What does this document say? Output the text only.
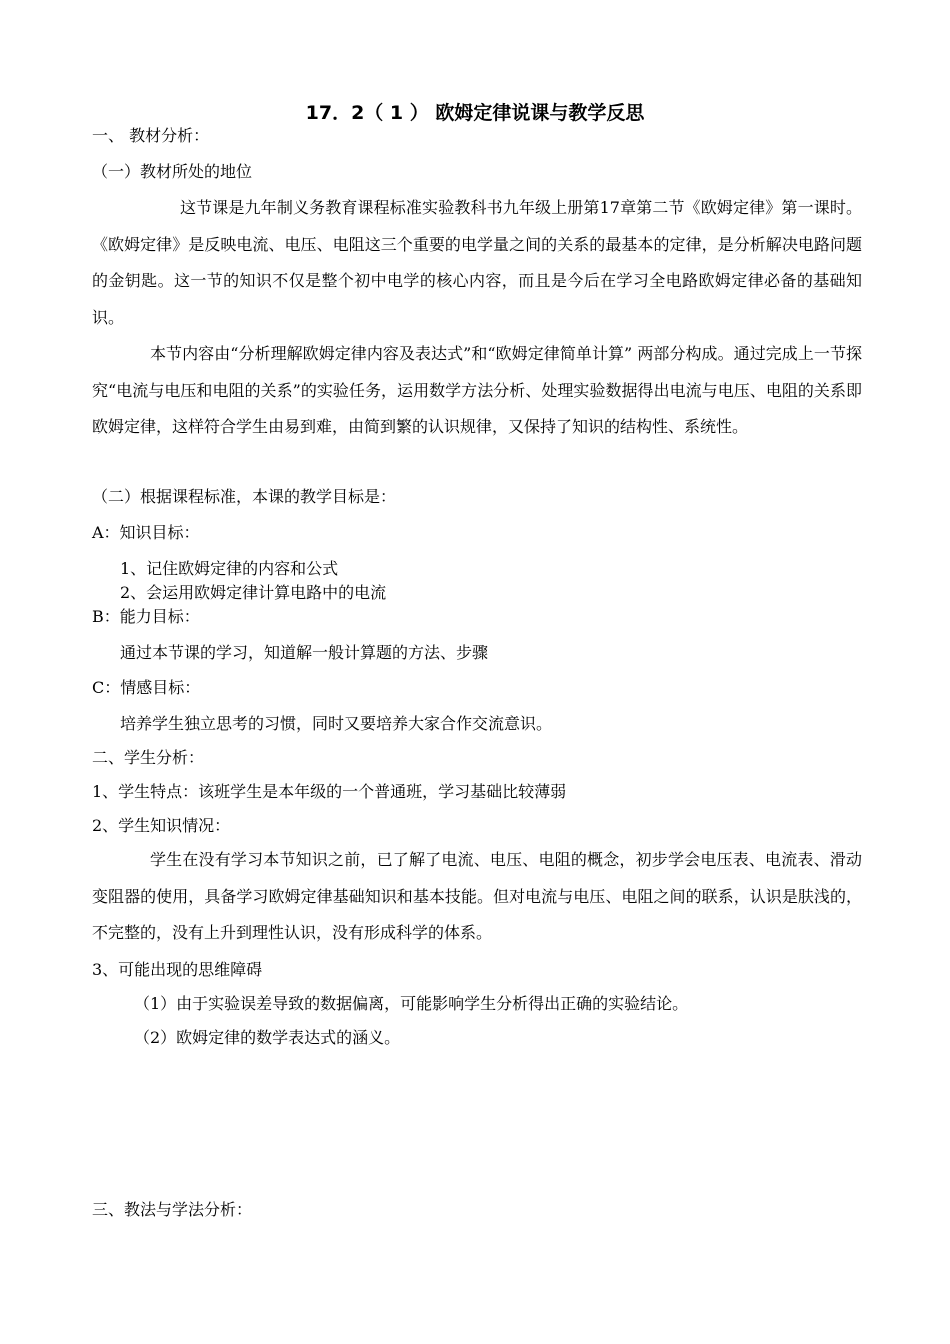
17．2（ 1 ） 欧姆定律说课与教学反思
一、 教材分析：
（一）教材所处的地位
这节课是九年制义务教育课程标准实验教科书九年级上册第17章第二节《欧姆定律》第一课时。《欧姆定律》是反映电流、电压、电阻这三个重要的电学量之间的关系的最基本的定律，是分析解决电路问题的金钥匙。这一节的知识不仅是整个初中电学的核心内容，而且是今后在学习全电路欧姆定律必备的基础知识。
本节内容由“分析理解欧姆定律内容及表达式”和“欧姆定律简单计算” 两部分构成。通过完成上一节探究“电流与电压和电阻的关系”的实验任务，运用数学方法分析、处理实验数据得出电流与电压、电阻的关系即欧姆定律，这样符合学生由易到难，由简到繁的认识规律，又保持了知识的结构性、系统性。
（二）根据课程标准，本课的教学目标是：
A：知识目标：
1、记住欧姆定律的内容和公式
2、会运用欧姆定律计算电路中的电流
B：能力目标：
通过本节课的学习，知道解一般计算题的方法、步骤
C：情感目标：
培养学生独立思考的习惯，同时又要培养大家合作交流意识。
二、学生分析：
1、学生特点：该班学生是本年级的一个普通班，学习基础比较薄弱
2、学生知识情况：
学生在没有学习本节知识之前，已了解了电流、电压、电阻的概念，初步学会电压表、电流表、滑动变阻器的使用，具备学习欧姆定律基础知识和基本技能。但对电流与电压、电阻之间的联系，认识是肤浅的，不完整的，没有上升到理性认识，没有形成科学的体系。
3、可能出现的思维障碍
（1）由于实验误差导致的数据偏离，可能影响学生分析得出正确的实验结论。
（2）欧姆定律的数学表达式的涵义。
三、教法与学法分析：
